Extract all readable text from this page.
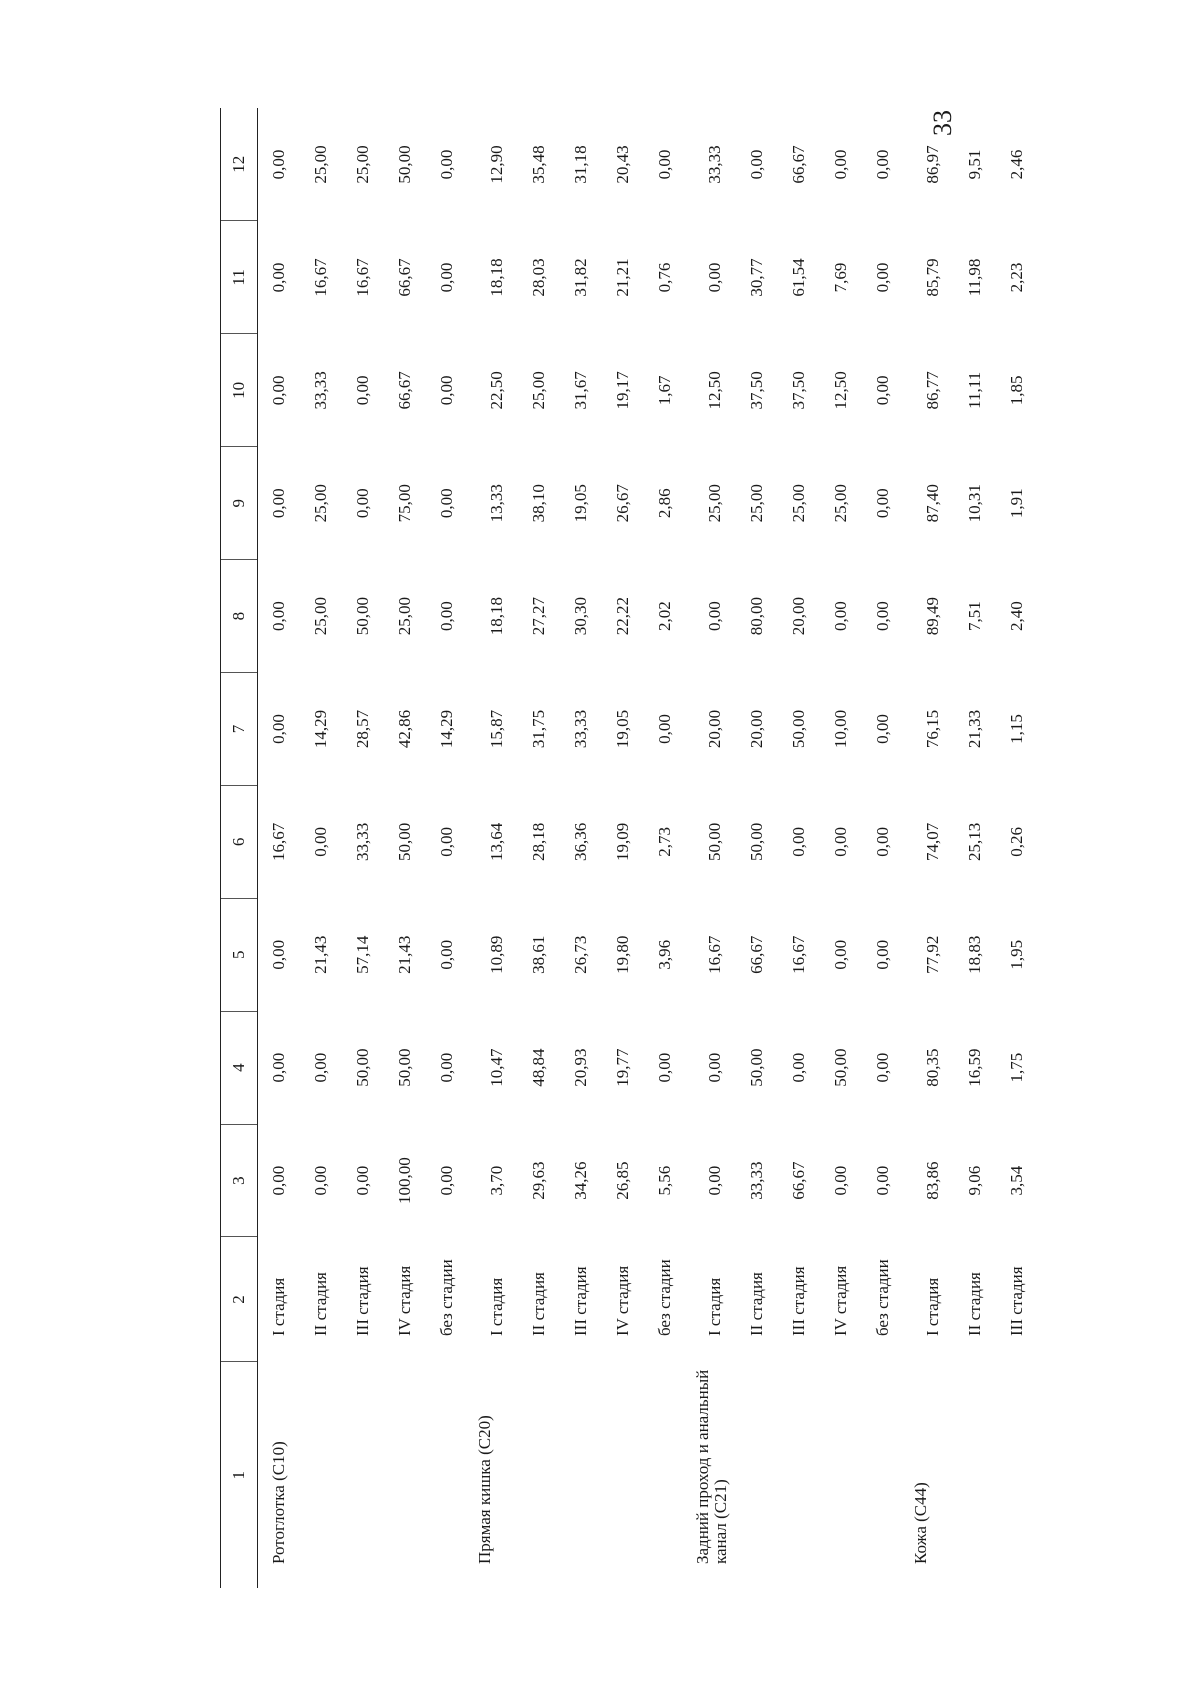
33
1	2	3	4	5	6	7	8	9	10	11	12
Ротоглотка (С10)	I стадия	0,00	0,00	0,00	16,67	0,00	0,00	0,00	0,00	0,00	0,00
	II стадия	0,00	0,00	21,43	0,00	14,29	25,00	25,00	33,33	16,67	25,00
	III стадия	0,00	50,00	57,14	33,33	28,57	50,00	0,00	0,00	16,67	25,00
	IV стадия	100,00	50,00	21,43	50,00	42,86	25,00	75,00	66,67	66,67	50,00
	без стадии	0,00	0,00	0,00	0,00	14,29	0,00	0,00	0,00	0,00	0,00
Прямая кишка (С20)	I стадия	3,70	10,47	10,89	13,64	15,87	18,18	13,33	22,50	18,18	12,90
	II стадия	29,63	48,84	38,61	28,18	31,75	27,27	38,10	25,00	28,03	35,48
	III стадия	34,26	20,93	26,73	36,36	33,33	30,30	19,05	31,67	31,82	31,18
	IV стадия	26,85	19,77	19,80	19,09	19,05	22,22	26,67	19,17	21,21	20,43
	без стадии	5,56	0,00	3,96	2,73	0,00	2,02	2,86	1,67	0,76	0,00
Задний проход и анальный канал (С21)	I стадия	0,00	0,00	16,67	50,00	20,00	0,00	25,00	12,50	0,00	33,33
	II стадия	33,33	50,00	66,67	50,00	20,00	80,00	25,00	37,50	30,77	0,00
	III стадия	66,67	0,00	16,67	0,00	50,00	20,00	25,00	37,50	61,54	66,67
	IV стадия	0,00	50,00	0,00	0,00	10,00	0,00	25,00	12,50	7,69	0,00
	без стадии	0,00	0,00	0,00	0,00	0,00	0,00	0,00	0,00	0,00	0,00
Кожа (С44)	I стадия	83,86	80,35	77,92	74,07	76,15	89,49	87,40	86,77	85,79	86,97
	II стадия	9,06	16,59	18,83	25,13	21,33	7,51	10,31	11,11	11,98	9,51
	III стадия	3,54	1,75	1,95	0,26	1,15	2,40	1,91	1,85	2,23	2,46
